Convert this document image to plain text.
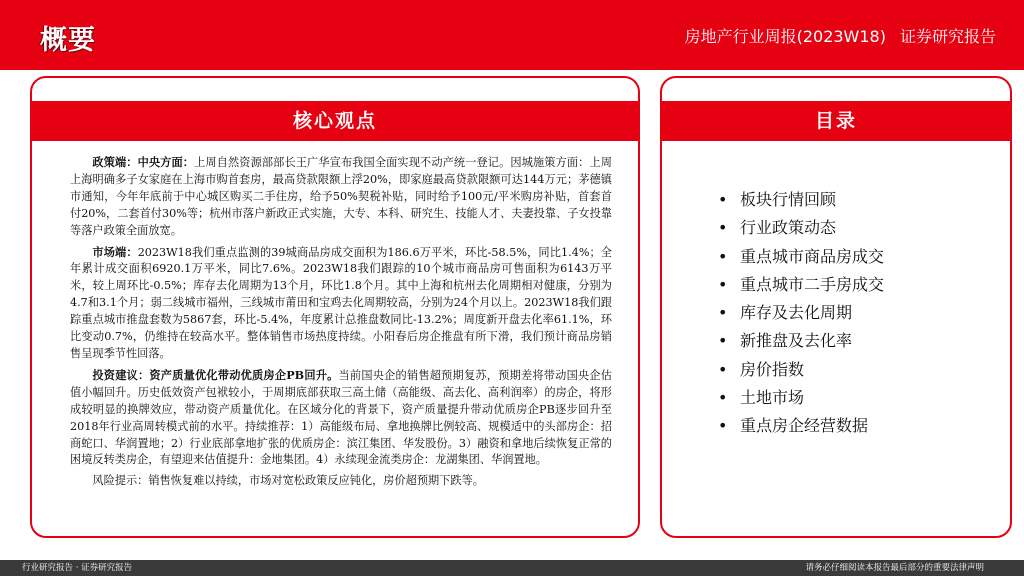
概要	房地产行业周报(2023W18) 证券研究报告
核心观点

政策端：中央方面：上周自然资源部部长王广华宣布我国全面实现不动产统一登记。因城施策方面：上周上海明确多子女家庭在上海市购首套房，最高贷款限额上浮20%，即家庭最高贷款限额可达144万元；茅德镇市通知，今年年底前于中心城区购买二手住房，给予50%契税补贴，同时给予100元/平米购房补贴，首套首付20%，二套首付30%等；杭州市落户新政正式实施，大专、本科、研究生、技能人才、夫妻投靠、子女投靠等落户政策全面放宽。

市场端：2023W18我们重点监测的39城商品房成交面积为186.6万平米，环比-58.5%，同比1.4%；全年累计成交面积6920.1万平米，同比7.6%。2023W18我们跟踪的10个城市商品房可售面积为6143万平米，较上周环比-0.5%；库存去化周期为13个月，环比1.8个月。其中上海和杭州去化周期相对健康，分别为4.7和3.1个月；弱二线城市福州，三线城市莆田和宝鸡去化周期较高，分别为24个月以上。2023W18我们跟踪重点城市推盘套数为5867套，环比-5.4%，年度累计总推盘数同比-13.2%；周度新开盘去化率61.1%，环比变动0.7%，仍维持在较高水平。整体销售市场热度持续。小阳春后房企推盘有所下滑，我们预计商品房销售呈现季节性回落。

投资建议：资产质量优化带动优质房企PB回升。当前国央企的销售超预期复苏，预期差将带动国央企估值小幅回升。历史低效资产包袱较小，于周期底部获取三高土储（高能级、高去化、高利润率）的房企，将形成较明显的换牌效应，带动资产质量优化。在区域分化的背景下，资产质量提升带动优质房企PB逐步回升至2018年行业高周转模式前的水平。持续推荐：1）高能级布局、拿地换牌比例较高、规模适中的头部房企：招商蛇口、华润置地；2）行业底部拿地扩张的优质房企：滨江集团、华发股份。3）融资和拿地后续恢复正常的困境反转类房企，有望迎来估值提升：金地集团。4）永续现金流类房企：龙湖集团、华润置地。

风险提示：销售恢复难以持续，市场对宽松政策反应钝化，房价超预期下跌等。

目录
• 板块行情回顾
• 行业政策动态
• 重点城市商品房成交
• 重点城市二手房成交
• 库存及去化周期
• 新推盘及去化率
• 房价指数
• 土地市场
• 重点房企经营数据
行业研究报告 · 证券研究报告	请务必仔细阅读本报告最后部分的重要法律声明
